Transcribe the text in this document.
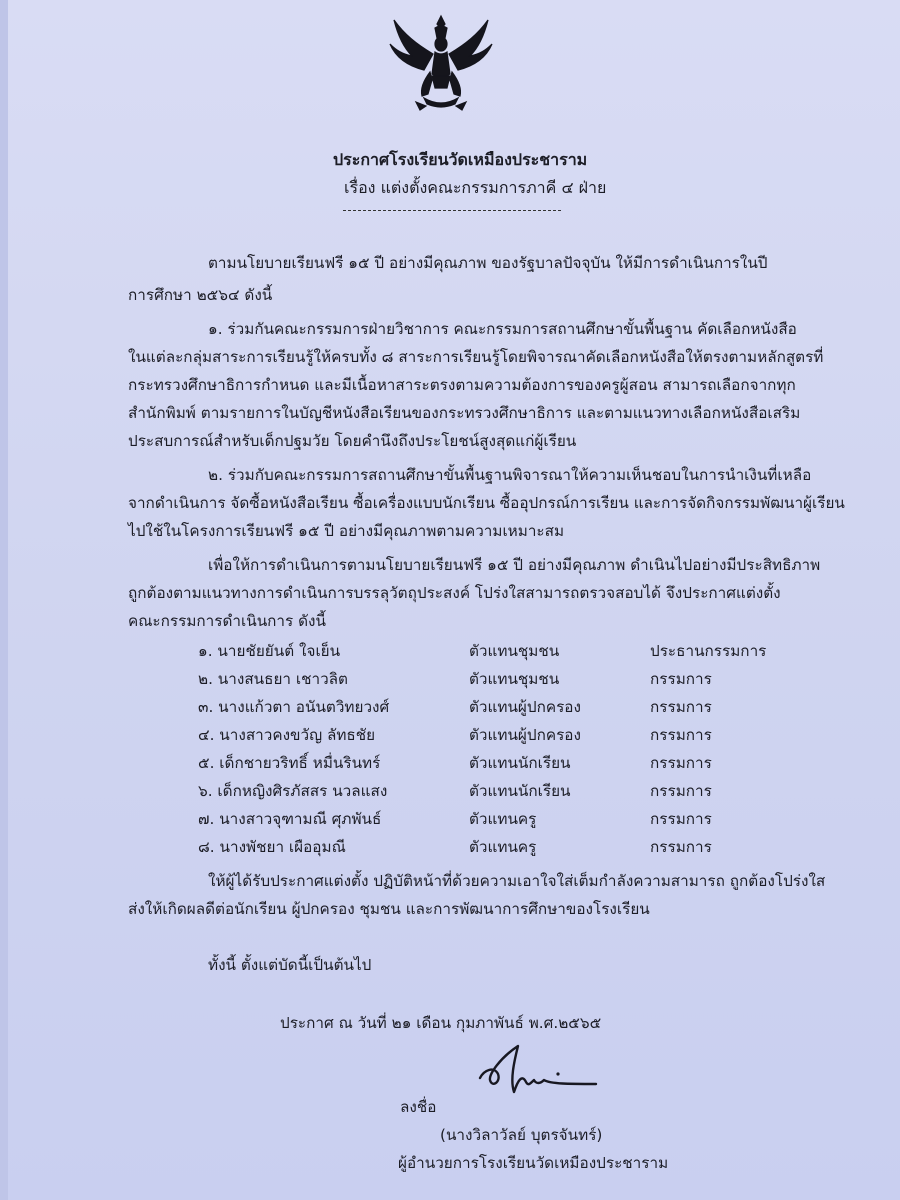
ประกาศโรงเรียนวัดเหมืองประชาราม
เรื่อง แต่งตั้งคณะกรรมการภาคี ๔ ฝ่าย
ตามนโยบายเรียนฟรี ๑๕ ปี อย่างมีคุณภาพ ของรัฐบาลปัจจุบัน ให้มีการดำเนินการในปี
การศึกษา ๒๕๖๔ ดังนี้
๑. ร่วมกันคณะกรรมการฝ่ายวิชาการ คณะกรรมการสถานศึกษาขั้นพื้นฐาน คัดเลือกหนังสือ
ในแต่ละกลุ่มสาระการเรียนรู้ให้ครบทั้ง ๘ สาระการเรียนรู้โดยพิจารณาคัดเลือกหนังสือให้ตรงตามหลักสูตรที่
กระทรวงศึกษาธิการกำหนด และมีเนื้อหาสาระตรงตามความต้องการของครูผู้สอน สามารถเลือกจากทุก
สำนักพิมพ์ ตามรายการในบัญชีหนังสือเรียนของกระทรวงศึกษาธิการ และตามแนวทางเลือกหนังสือเสริม
ประสบการณ์สำหรับเด็กปฐมวัย โดยคำนึงถึงประโยชน์สูงสุดแก่ผู้เรียน
๒. ร่วมกับคณะกรรมการสถานศึกษาขั้นพื้นฐานพิจารณาให้ความเห็นชอบในการนำเงินที่เหลือ
จากดำเนินการ จัดซื้อหนังสือเรียน ซื้อเครื่องแบบนักเรียน ซื้ออุปกรณ์การเรียน และการจัดกิจกรรมพัฒนาผู้เรียน
ไปใช้ในโครงการเรียนฟรี ๑๕ ปี อย่างมีคุณภาพตามความเหมาะสม
เพื่อให้การดำเนินการตามนโยบายเรียนฟรี ๑๕ ปี อย่างมีคุณภาพ ดำเนินไปอย่างมีประสิทธิภาพ
ถูกต้องตามแนวทางการดำเนินการบรรลุวัตถุประสงค์ โปร่งใสสามารถตรวจสอบได้ จึงประกาศแต่งตั้ง
คณะกรรมการดำเนินการ ดังนี้
๑. นายชัยยันต์ ใจเย็น	ตัวแทนชุมชน	ประธานกรรมการ
๒. นางสนธยา เชาวลิต	ตัวแทนชุมชน	กรรมการ
๓. นางแก้วตา อนันตวิทยวงศ์	ตัวแทนผู้ปกครอง	กรรมการ
๔. นางสาวคงขวัญ ลัทธชัย	ตัวแทนผู้ปกครอง	กรรมการ
๕. เด็กชายวริทธิ์ หมื่นรินทร์	ตัวแทนนักเรียน	กรรมการ
๖. เด็กหญิงศิรภัสสร นวลแสง	ตัวแทนนักเรียน	กรรมการ
๗. นางสาวจุฑามณี ศุภพันธ์	ตัวแทนครู	กรรมการ
๘. นางพัชยา เผืออุมณี	ตัวแทนครู	กรรมการ
ให้ผู้ได้รับประกาศแต่งตั้ง ปฏิบัติหน้าที่ด้วยความเอาใจใส่เต็มกำลังความสามารถ ถูกต้องโปร่งใส
ส่งให้เกิดผลดีต่อนักเรียน ผู้ปกครอง ชุมชน และการพัฒนาการศึกษาของโรงเรียน
ทั้งนี้ ตั้งแต่บัดนี้เป็นต้นไป
ประกาศ ณ วันที่ ๒๑ เดือน กุมภาพันธ์ พ.ศ.๒๕๖๕
ลงชื่อ
(นางวิลาวัลย์ บุตรจันทร์)
ผู้อำนวยการโรงเรียนวัดเหมืองประชาราม
